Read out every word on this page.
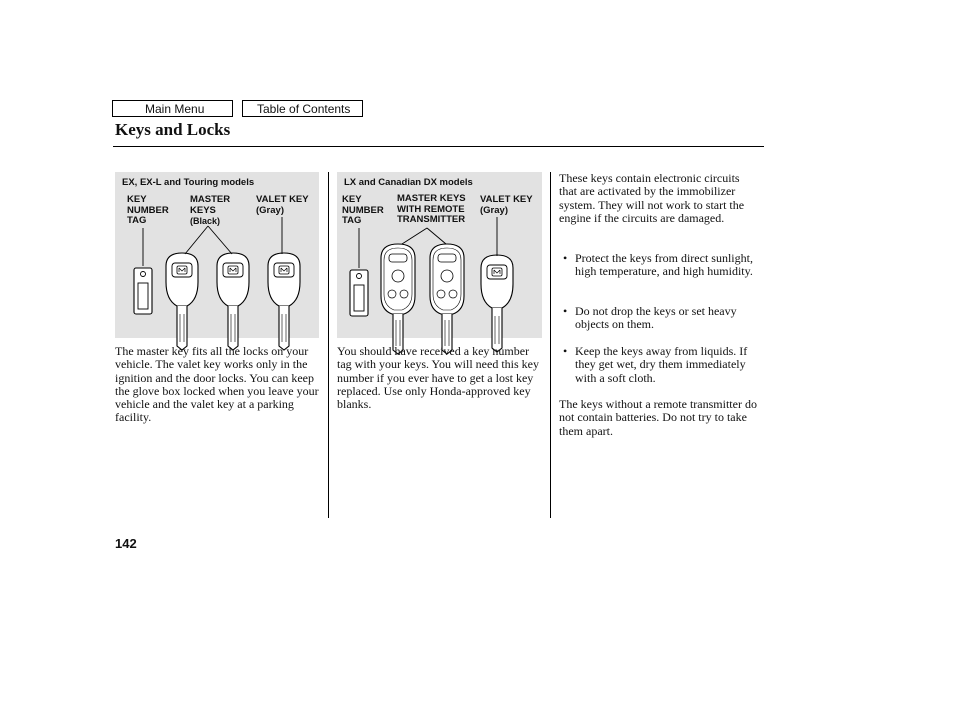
Main Menu	Table of Contents
Keys and Locks
EX, EX-L and Touring models
KEY
NUMBER
TAG
MASTER
KEYS
(Black)
VALET KEY
(Gray)
LX and Canadian DX models
KEY
NUMBER
TAG
MASTER KEYS
WITH REMOTE
TRANSMITTER
VALET KEY
(Gray)
The master key fits all the locks on your vehicle. The valet key works only in the ignition and the door locks. You can keep the glove box locked when you leave your vehicle and the valet key at a parking facility.
You should have received a key number tag with your keys. You will need this key number if you ever have to get a lost key replaced. Use only Honda-approved key blanks.
These keys contain electronic circuits that are activated by the immobilizer system. They will not work to start the engine if the circuits are damaged.
• Protect the keys from direct sunlight, high temperature, and high humidity.
• Do not drop the keys or set heavy objects on them.
• Keep the keys away from liquids. If they get wet, dry them immediately with a soft cloth.
The keys without a remote transmitter do not contain batteries. Do not try to take them apart.
142
